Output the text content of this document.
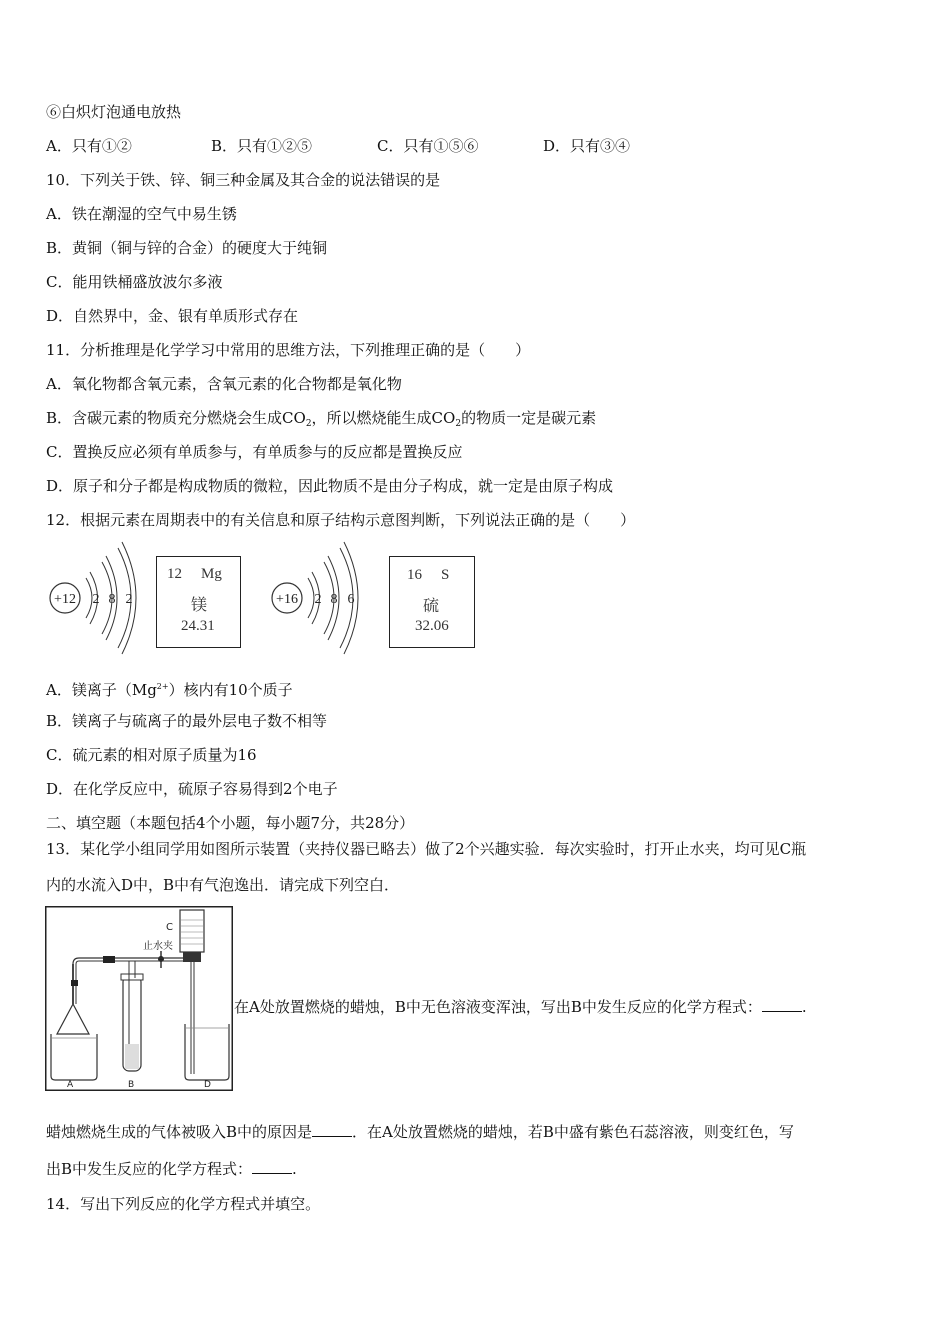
⑥白炽灯泡通电放热
A．只有①②	B．只有①②⑤	C．只有①⑤⑥	D．只有③④
10．下列关于铁、锌、铜三种金属及其合金的说法错误的是
A．铁在潮湿的空气中易生锈
B．黄铜（铜与锌的合金）的硬度大于纯铜
C．能用铁桶盛放波尔多液
D．自然界中，金、银有单质形式存在
11．分析推理是化学学习中常用的思维方法，下列推理正确的是（　　）
A．氧化物都含氧元素，含氧元素的化合物都是氧化物
B．含碳元素的物质充分燃烧会生成$CO_2$，所以燃烧能生成$CO_2$的物质一定是碳元素
C．置换反应必须有单质参与，有单质参与的反应都是置换反应
D．原子和分子都是构成物质的微粒，因此物质不是由分子构成，就一定是由原子构成
12．根据元素在周期表中的有关信息和原子结构示意图判断，下列说法正确的是（　　）
+12 2 8 2
12 Mg
镁
24.31
+16 2 8 6
16 S
硫
32.06
A．镁离子$(Mg^{2+})$核内有10个质子
B．镁离子与硫离子的最外层电子数不相等
C．硫元素的相对原子质量为16
D．在化学反应中，硫原子容易得到2个电子
二、填空题（本题包括4个小题，每小题7分，共28分）
13．某化学小组同学用如图所示装置（夹持仪器已略去）做了2个兴趣实验．每次实验时，打开止水夹，均可见C瓶
内的水流入D中，B中有气泡逸出．请完成下列空白．
止水夹
C
A	B	D
在A处放置燃烧的蜡烛，B中无色溶液变浑浊，写出B中发生反应的化学方程式：	.
蜡烛燃烧生成的气体被吸入B中的原因是	．在A处放置燃烧的蜡烛，若B中盛有紫色石蕊溶液，则变红色，写
出B中发生反应的化学方程式：	.
14．写出下列反应的化学方程式并填空。
